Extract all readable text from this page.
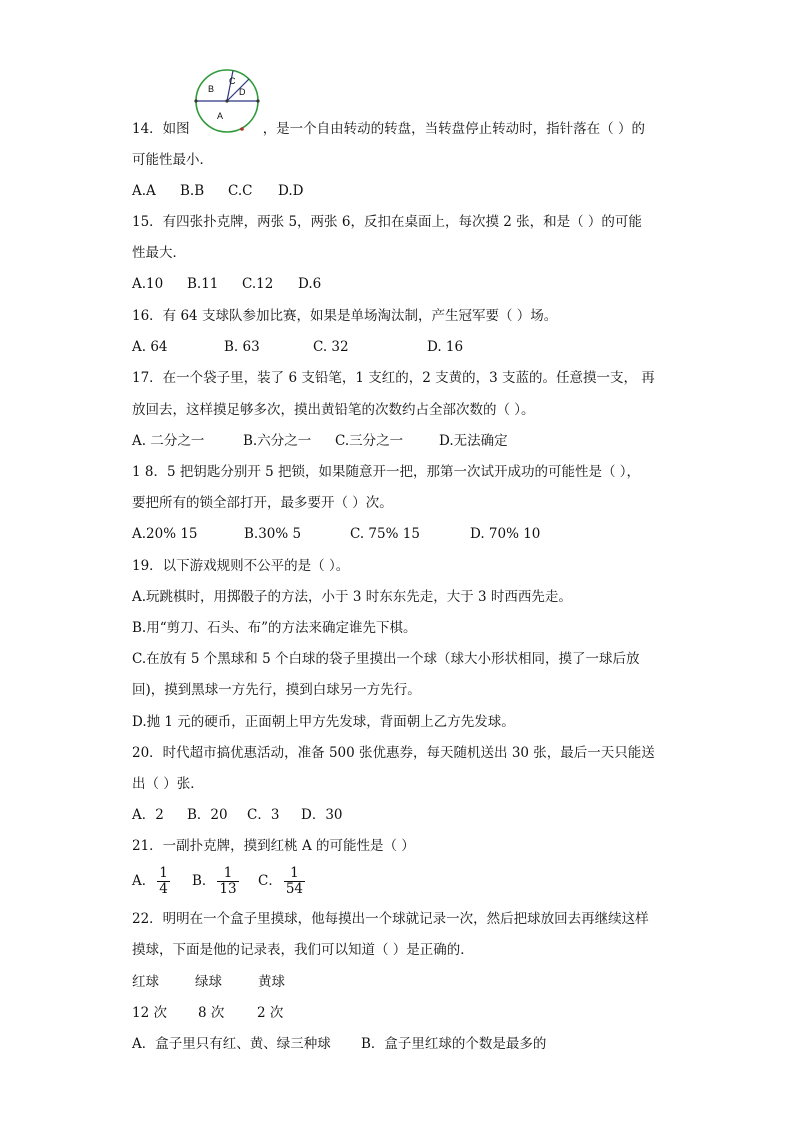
B
C
D
A
14．如图	，是一个自由转动的转盘，当转盘停止转动时，指针落在（ ）的
可能性最小．
A.A B.B C.C D.D
15．有四张扑克牌，两张 5，两张 6，反扣在桌面上，每次摸 2 张，和是（ ）的可能
性最大．
A.10 B.11 C.12 D.6
16．有 64 支球队参加比赛，如果是单场淘汰制，产生冠军要（ ）场。
A. 64	B. 63	C. 32	D. 16
17．在一个袋子里，装了 6 支铅笔，1 支红的，2 支黄的，3 支蓝的。任意摸一支， 再
放回去，这样摸足够多次，摸出黄铅笔的次数约占全部次数的（ ）。
A. 二分之一	B.六分之一 C.三分之一	D.无法确定
1 8．5 把钥匙分别开 5 把锁，如果随意开一把，那第一次试开成功的可能性是（ ），
要把所有的锁全部打开，最多要开（ ）次。
A.20% 15	B.30% 5	C. 75% 15	D. 70% 10
19．以下游戏规则不公平的是（ ）。
A.玩跳棋时，用掷骰子的方法，小于 3 时东东先走，大于 3 时西西先走。
B.用“剪刀、石头、布”的方法来确定谁先下棋。
C.在放有 5 个黑球和 5 个白球的袋子里摸出一个球（球大小形状相同，摸了一球后放
回)，摸到黑球一方先行，摸到白球另一方先行。
D.抛 1 元的硬币，正面朝上甲方先发球，背面朝上乙方先发球。
20．时代超市搞优惠活动，准备 500 张优惠券，每天随机送出 30 张，最后一天只能送
出（ ）张．
A．2 B．20 C．3 D．30
21．一副扑克牌，摸到红桃 A 的可能性是（ ）
A． $\frac{1}{4}$ B． $\frac{1}{13}$ C． $\frac{1}{54}$
22．明明在一个盒子里摸球，他每摸出一个球就记录一次，然后把球放回去再继续这样
摸球，下面是他的记录表，我们可以知道（ ）是正确的．
红球	绿球	黄球
12 次 8 次 2 次
A．盒子里只有红、黄、绿三种球 B．盒子里红球的个数是最多的
